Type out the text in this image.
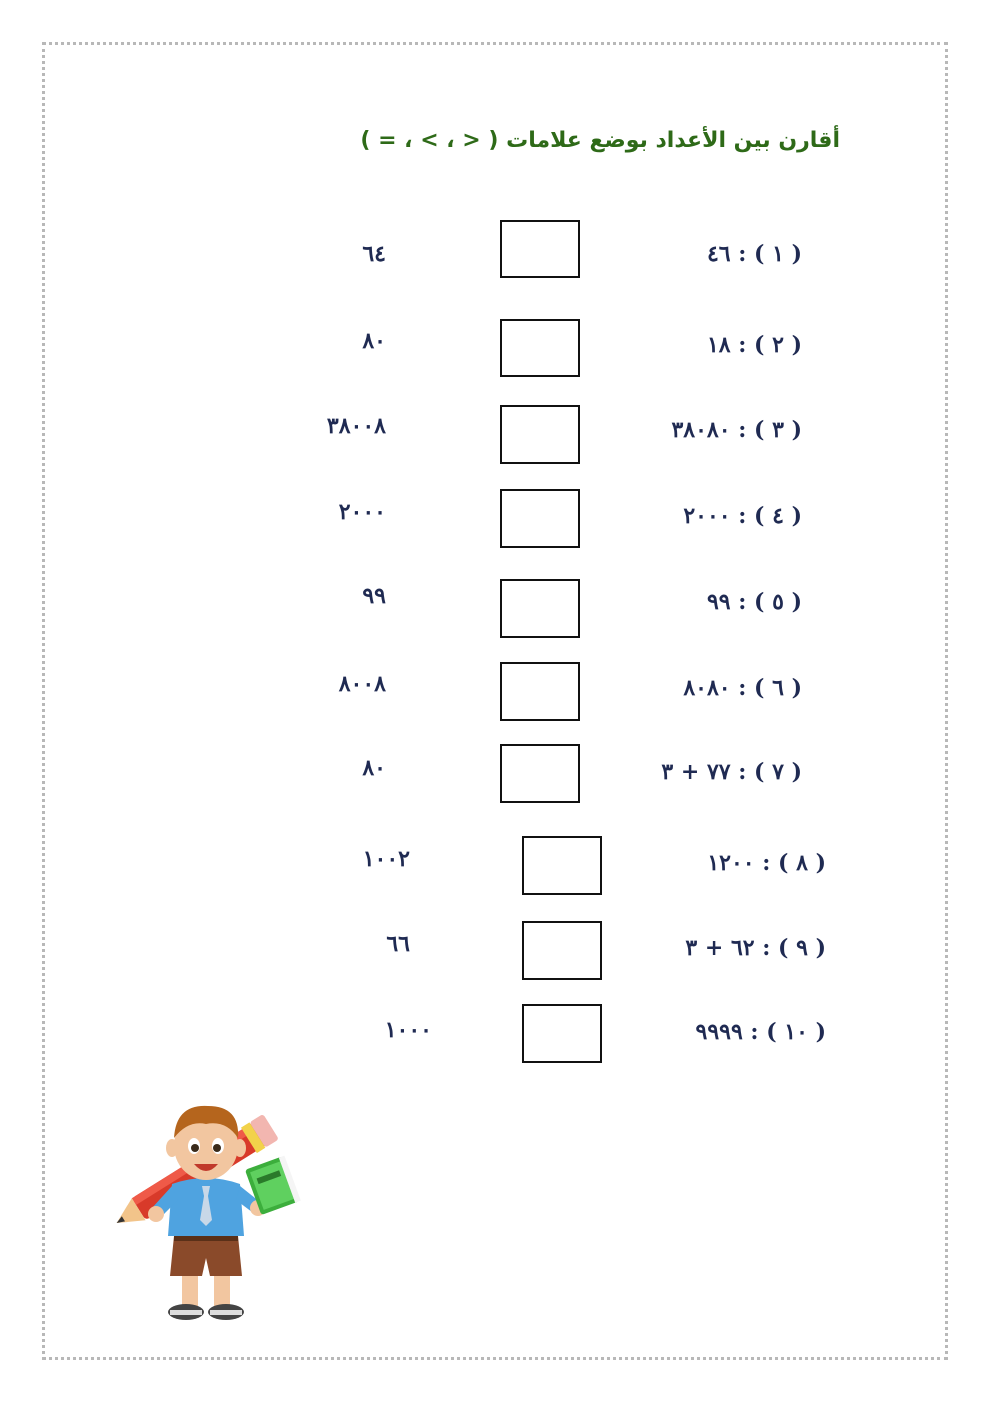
أقارن بين الأعداد بوضع علامات ( < ، > ، = )
( ١ ) : ٤٦
٦٤
( ٢ ) : ١٨
٨٠
( ٣ ) : ٣٨٠٨٠
٣٨٠٠٨
( ٤ ) : ٢٠٠٠
٢٠٠٠
( ٥ ) : ٩٩
٩٩
( ٦ ) : ٨٠٨٠
٨٠٠٨
( ٧ ) : ٧٧ + ٣
٨٠
( ٨ ) : ١٢٠٠
١٠٠٢
( ٩ ) : ٦٢ + ٣
٦٦
( ١٠ ) : ٩٩٩٩
١٠٠٠
